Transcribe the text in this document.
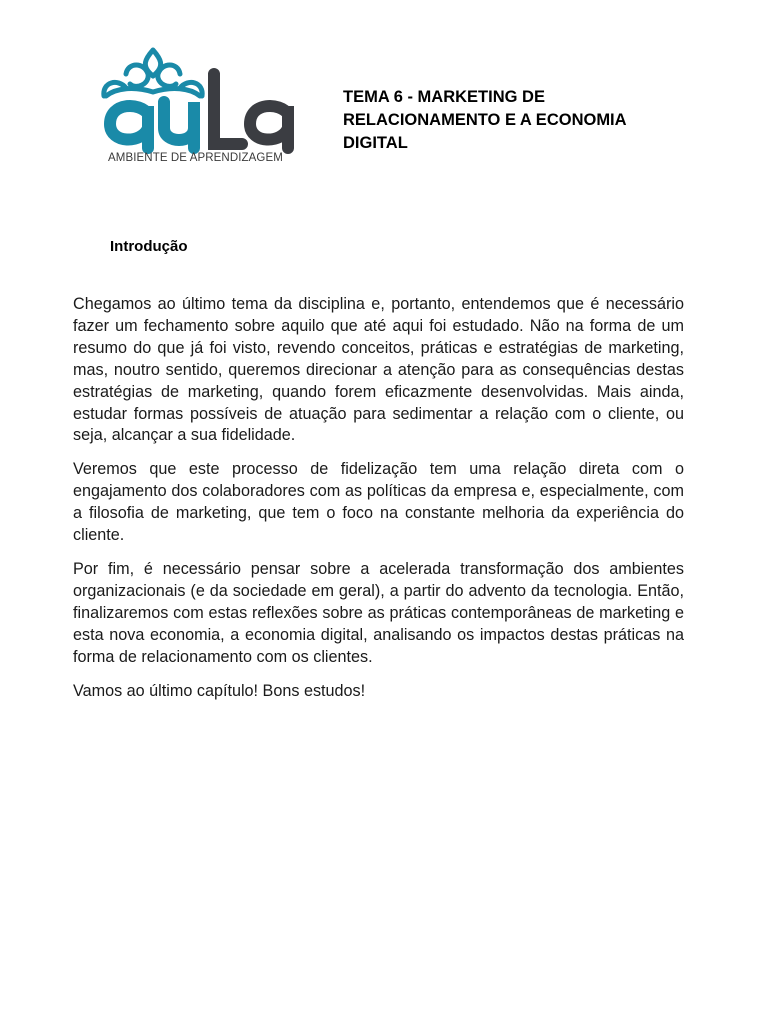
AMBIENTE DE APRENDIZAGEM
TEMA 6 - MARKETING DE RELACIONAMENTO E A ECONOMIA DIGITAL
Introdução

Chegamos ao último tema da disciplina e, portanto, entendemos que é necessário fazer um fechamento sobre aquilo que até aqui foi estudado. Não na forma de um resumo do que já foi visto, revendo conceitos, práticas e estratégias de marketing, mas, noutro sentido, queremos direcionar a atenção para as consequências destas estratégias de marketing, quando forem eficazmente desenvolvidas. Mais ainda, estudar formas possíveis de atuação para sedimentar a relação com o cliente, ou seja, alcançar a sua fidelidade.

Veremos que este processo de fidelização tem uma relação direta com o engajamento dos colaboradores com as políticas da empresa e, especialmente, com a filosofia de marketing, que tem o foco na constante melhoria da experiência do cliente.

Por fim, é necessário pensar sobre a acelerada transformação dos ambientes organizacionais (e da sociedade em geral), a partir do advento da tecnologia. Então, finalizaremos com estas reflexões sobre as práticas contemporâneas de marketing e esta nova economia, a economia digital, analisando os impactos destas práticas na forma de relacionamento com os clientes.

Vamos ao último capítulo! Bons estudos!
